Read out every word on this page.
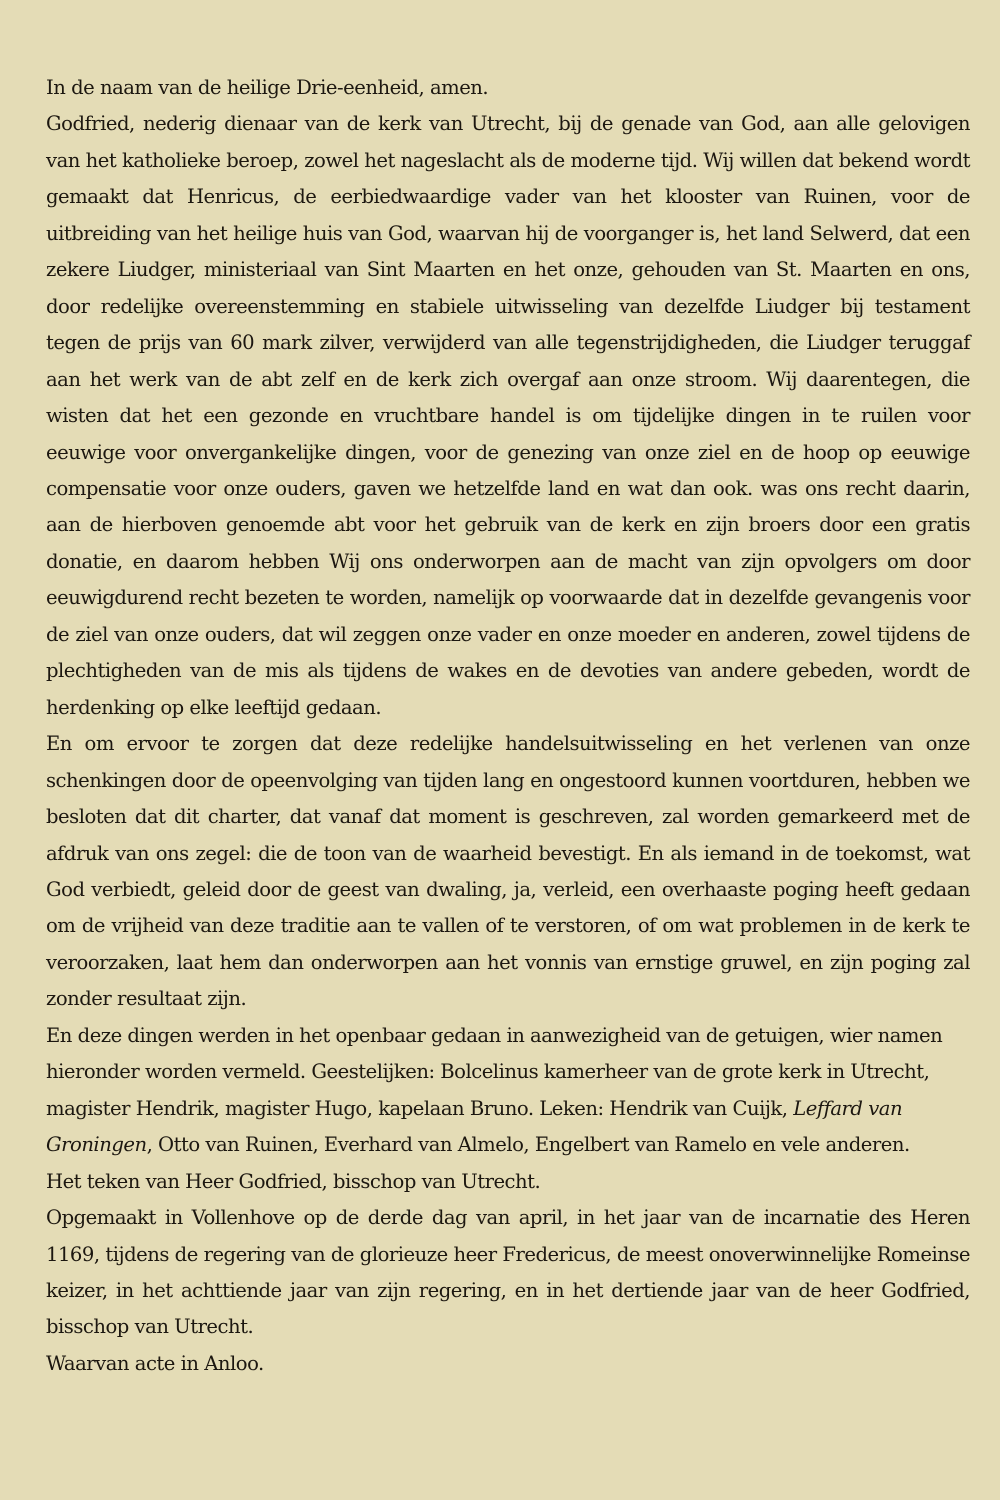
In de naam van de heilige Drie-eenheid, amen.

Godfried, nederig dienaar van de kerk van Utrecht, bij de genade van God, aan alle gelovigen van het katholieke beroep, zowel het nageslacht als de moderne tijd. Wij willen dat bekend wordt gemaakt dat Henricus, de eerbiedwaardige vader van het klooster van Ruinen, voor de uitbreiding van het heilige huis van God, waarvan hij de voorganger is, het land Selwerd, dat een zekere Liudger, ministeriaal van Sint Maarten en het onze, gehouden van St. Maarten en ons, door redelijke overeenstemming en stabiele uitwisseling van dezelfde Liudger bij testament tegen de prijs van 60 mark zilver, verwijderd van alle tegenstrijdigheden, die Liudger teruggaf aan het werk van de abt zelf en de kerk zich overgaf aan onze stroom. Wij daarentegen, die wisten dat het een gezonde en vruchtbare handel is om tijdelijke dingen in te ruilen voor eeuwige voor onvergankelijke dingen, voor de genezing van onze ziel en de hoop op eeuwige compensatie voor onze ouders, gaven we hetzelfde land en wat dan ook. was ons recht daarin, aan de hierboven genoemde abt voor het gebruik van de kerk en zijn broers door een gratis donatie, en daarom hebben Wij ons onderworpen aan de macht van zijn opvolgers om door eeuwigdurend recht bezeten te worden, namelijk op voorwaarde dat in dezelfde gevangenis voor de ziel van onze ouders, dat wil zeggen onze vader en onze moeder en anderen, zowel tijdens de plechtigheden van de mis als tijdens de wakes en de devoties van andere gebeden, wordt de herdenking op elke leeftijd gedaan.

En om ervoor te zorgen dat deze redelijke handelsuitwisseling en het verlenen van onze schenkingen door de opeenvolging van tijden lang en ongestoord kunnen voortduren, hebben we besloten dat dit charter, dat vanaf dat moment is geschreven, zal worden gemarkeerd met de afdruk van ons zegel: die de toon van de waarheid bevestigt. En als iemand in de toekomst, wat God verbiedt, geleid door de geest van dwaling, ja, verleid, een overhaaste poging heeft gedaan om de vrijheid van deze traditie aan te vallen of te verstoren, of om wat problemen in de kerk te veroorzaken, laat hem dan onderworpen aan het vonnis van ernstige gruwel, en zijn poging zal zonder resultaat zijn.

En deze dingen werden in het openbaar gedaan in aanwezigheid van de getuigen, wier namen hieronder worden vermeld. Geestelijken: Bolcelinus kamerheer van de grote kerk in Utrecht, magister Hendrik, magister Hugo, kapelaan Bruno. Leken: Hendrik van Cuijk, Leffard van Groningen, Otto van Ruinen, Everhard van Almelo, Engelbert van Ramelo en vele anderen.

Het teken van Heer Godfried, bisschop van Utrecht.

Opgemaakt in Vollenhove op de derde dag van april, in het jaar van de incarnatie des Heren 1169, tijdens de regering van de glorieuze heer Fredericus, de meest onoverwinnelijke Romeinse keizer, in het achttiende jaar van zijn regering, en in het dertiende jaar van de heer Godfried, bisschop van Utrecht.

Waarvan acte in Anloo.
